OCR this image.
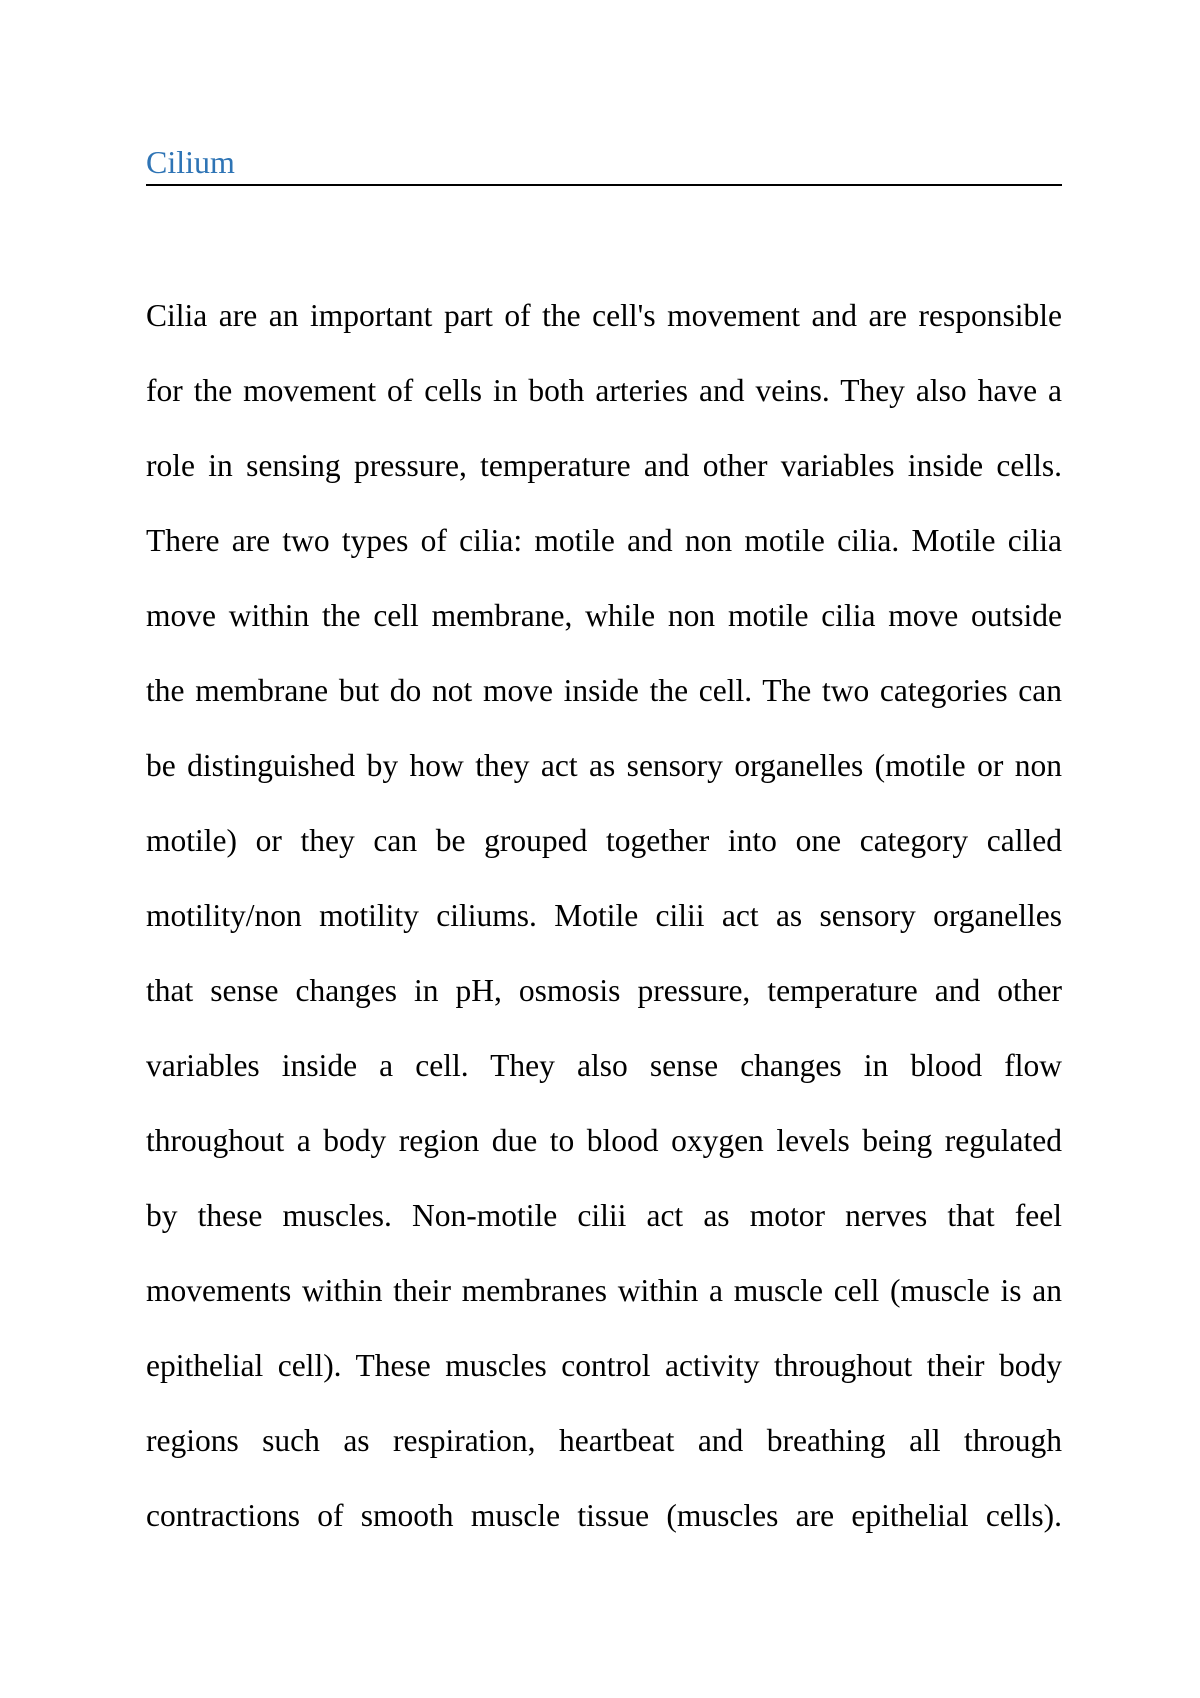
Cilium
Cilia are an important part of the cell's movement and are responsible
for the movement of cells in both arteries and veins. They also have a
role in sensing pressure, temperature and other variables inside cells.
There are two types of cilia: motile and non motile cilia. Motile cilia
move within the cell membrane, while non motile cilia move outside
the membrane but do not move inside the cell. The two categories can
be distinguished by how they act as sensory organelles (motile or non
motile) or they can be grouped together into one category called
motility/non motility ciliums. Motile cilii act as sensory organelles
that sense changes in pH, osmosis pressure, temperature and other
variables inside a cell. They also sense changes in blood flow
throughout a body region due to blood oxygen levels being regulated
by these muscles. Non-motile cilii act as motor nerves that feel
movements within their membranes within a muscle cell (muscle is an
epithelial cell). These muscles control activity throughout their body
regions such as respiration, heartbeat and breathing all through
contractions of smooth muscle tissue (muscles are epithelial cells).
